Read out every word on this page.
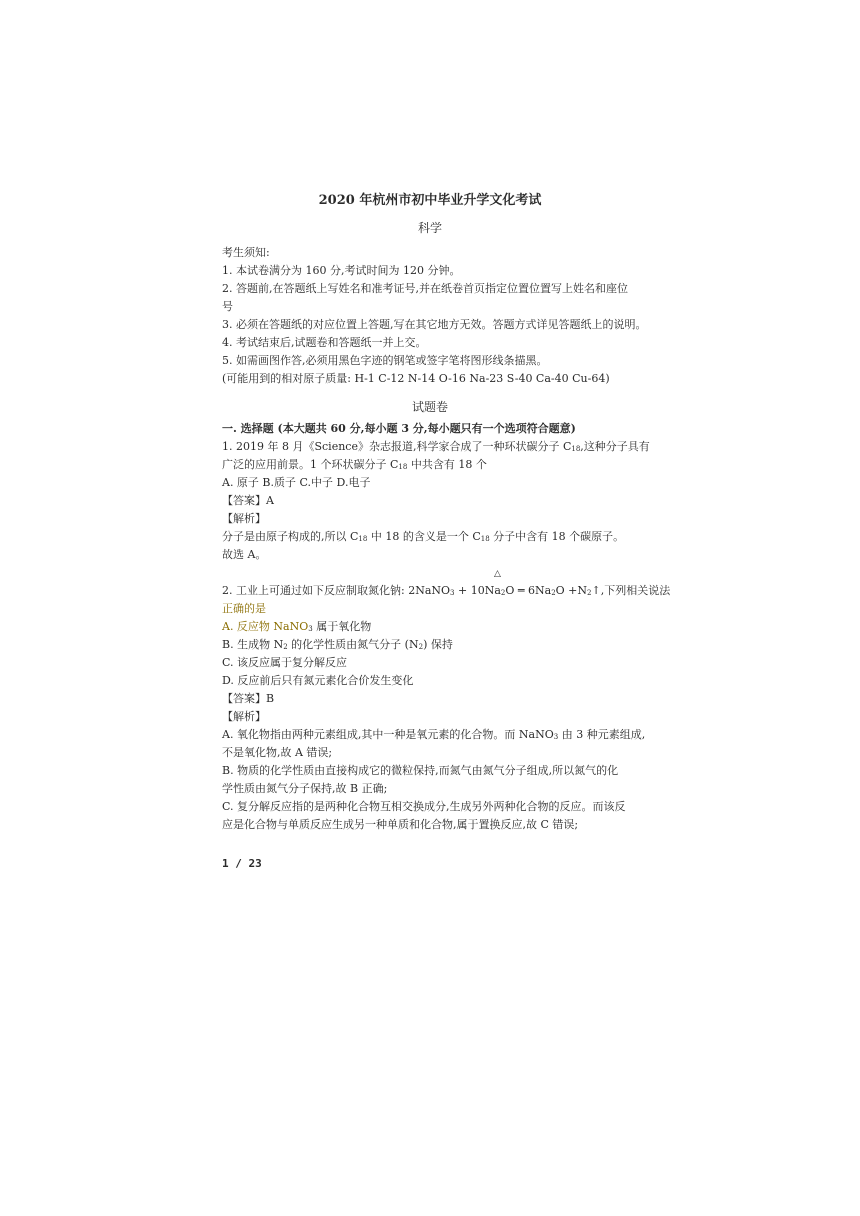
2020 年杭州市初中毕业升学文化考试
科学
考生须知:
1. 本试卷满分为 160 分,考试时间为 120 分钟。
2. 答题前,在答题纸上写姓名和准考证号,并在纸卷首页指定位置位置写上姓名和座位
号
3. 必须在答题纸的对应位置上答题,写在其它地方无效。答题方式详见答题纸上的说明。
4. 考试结束后,试题卷和答题纸一并上交。
5. 如需画图作答,必须用黑色字迹的钢笔或签字笔将图形线条描黑。
(可能用到的相对原子质量: H-1 C-12 N-14 O-16 Na-23 S-40 Ca-40 Cu-64)
试题卷
一. 选择题 (本大题共 60 分,每小题 3 分,每小题只有一个选项符合题意)
1. 2019 年 8 月《Science》杂志报道,科学家合成了一种环状碳分子 $C_{18}$,这种分子具有
广泛的应用前景。1 个环状碳分子 $C_{18}$ 中共含有 18 个
A. 原子 B.质子 C.中子 D.电子
【答案】A
【解析】
分子是由原子构成的,所以 $C_{18}$ 中 18 的含义是一个 $C_{18}$ 分子中含有 18 个碳原子。
故选 A。
△
2. 工业上可通过如下反应制取氮化钠: 2NaNO$_3$ + $10Na_2O$ ═ $6Na_2O$ $+N_2↑$,下列相关说法
正确的是
A. 反应物 NaNO$_3$ 属于氧化物
B. 生成物 $N_2$ 的化学性质由氮气分子 $(N_2)$ 保持
C. 该反应属于复分解反应
D. 反应前后只有氮元素化合价发生变化
【答案】B
【解析】
A. 氧化物指由两种元素组成,其中一种是氧元素的化合物。而 NaNO$_3$ 由 3 种元素组成,
不是氧化物,故 A 错误;
B. 物质的化学性质由直接构成它的微粒保持,而氮气由氮气分子组成,所以氮气的化
学性质由氮气分子保持,故 B 正确;
C. 复分解反应指的是两种化合物互相交换成分,生成另外两种化合物的反应。而该反
应是化合物与单质反应生成另一种单质和化合物,属于置换反应,故 C 错误;
1 / 23
